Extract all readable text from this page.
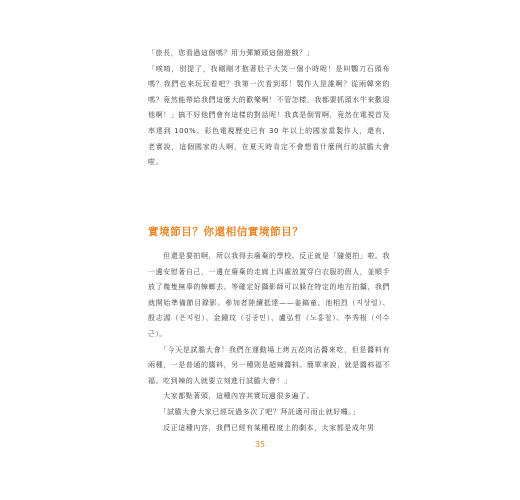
「旅長，您看過這個嗎？用力彈額頭這個遊戲？」

「唉唷，別提了，我剛剛才抱著肚子大笑一個小時呢！是叫鸚刀石頭布嗎？我們也來玩玩看吧？我第一次看到耶！製作人是誰啊？從兩韓來的嗎？竟然能帶給我們這麼大的歡樂啊！不管怎樣，我都要抓頭水牛來歡迎他啊！」搞不好他們會有這樣的對話呢！我真是倒胃啊，竟然在電視首及率達到 100%、彩色電視歷史已有 30 年以上的國家當製作人，還有，老實說，這個國家的人啊，在夏天時肯定不會想看什麼例行的試膽大會啦。

實境節目？你還相信實境節目？

　　但還是要拍啊，所以我得去廢棄的學校。反正就是「隨便拍」啦。我一邊安慰著自己，一邊在廢棄的走廊上四處放置穿白衣服的假人，並順手放了幾隻無辜的蟑螂去。等確定好攝影師可以躲在特定的地方拍攝，我們就開始準備節目錄影。參加者陸續抵達——姜鎬童、池相烈（지상렬）、殷志源（은지원）、金鍾玟（김종민）、盧弘哲（노홍철）、李秀根（이수근）。

　　「今天是試膽大會！我們在運動場上烤五花肉沾醬來吃，但是醬料有兩種，一是普通的醬料，另一種則是超辣醬料。簡單來說，就是醬料福不福。吃到辣的人就要立刻進行試膽大會！」

　　大家都點著頭，這種內容其實玩過很多遍了。

　　「試膽大會大家已經玩過多次了吧？拜託適可而止就好囉。」

　　反正這種內容，我們已經有某種程度上的劇本，大家都是成年男

35
